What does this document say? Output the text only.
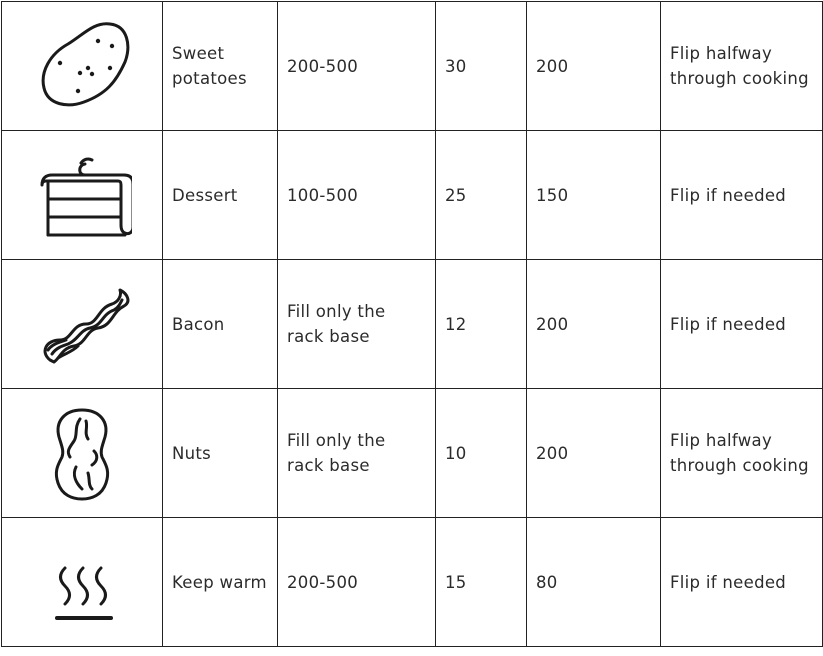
	Sweet potatoes	200-500	30	200	Flip halfway through cooking

	Dessert	100-500	25	150	Flip if needed

	Bacon	Fill only the rack base	12	200	Flip if needed

	Nuts	Fill only the rack base	10	200	Flip halfway through cooking

	Keep warm	200-500	15	80	Flip if needed
